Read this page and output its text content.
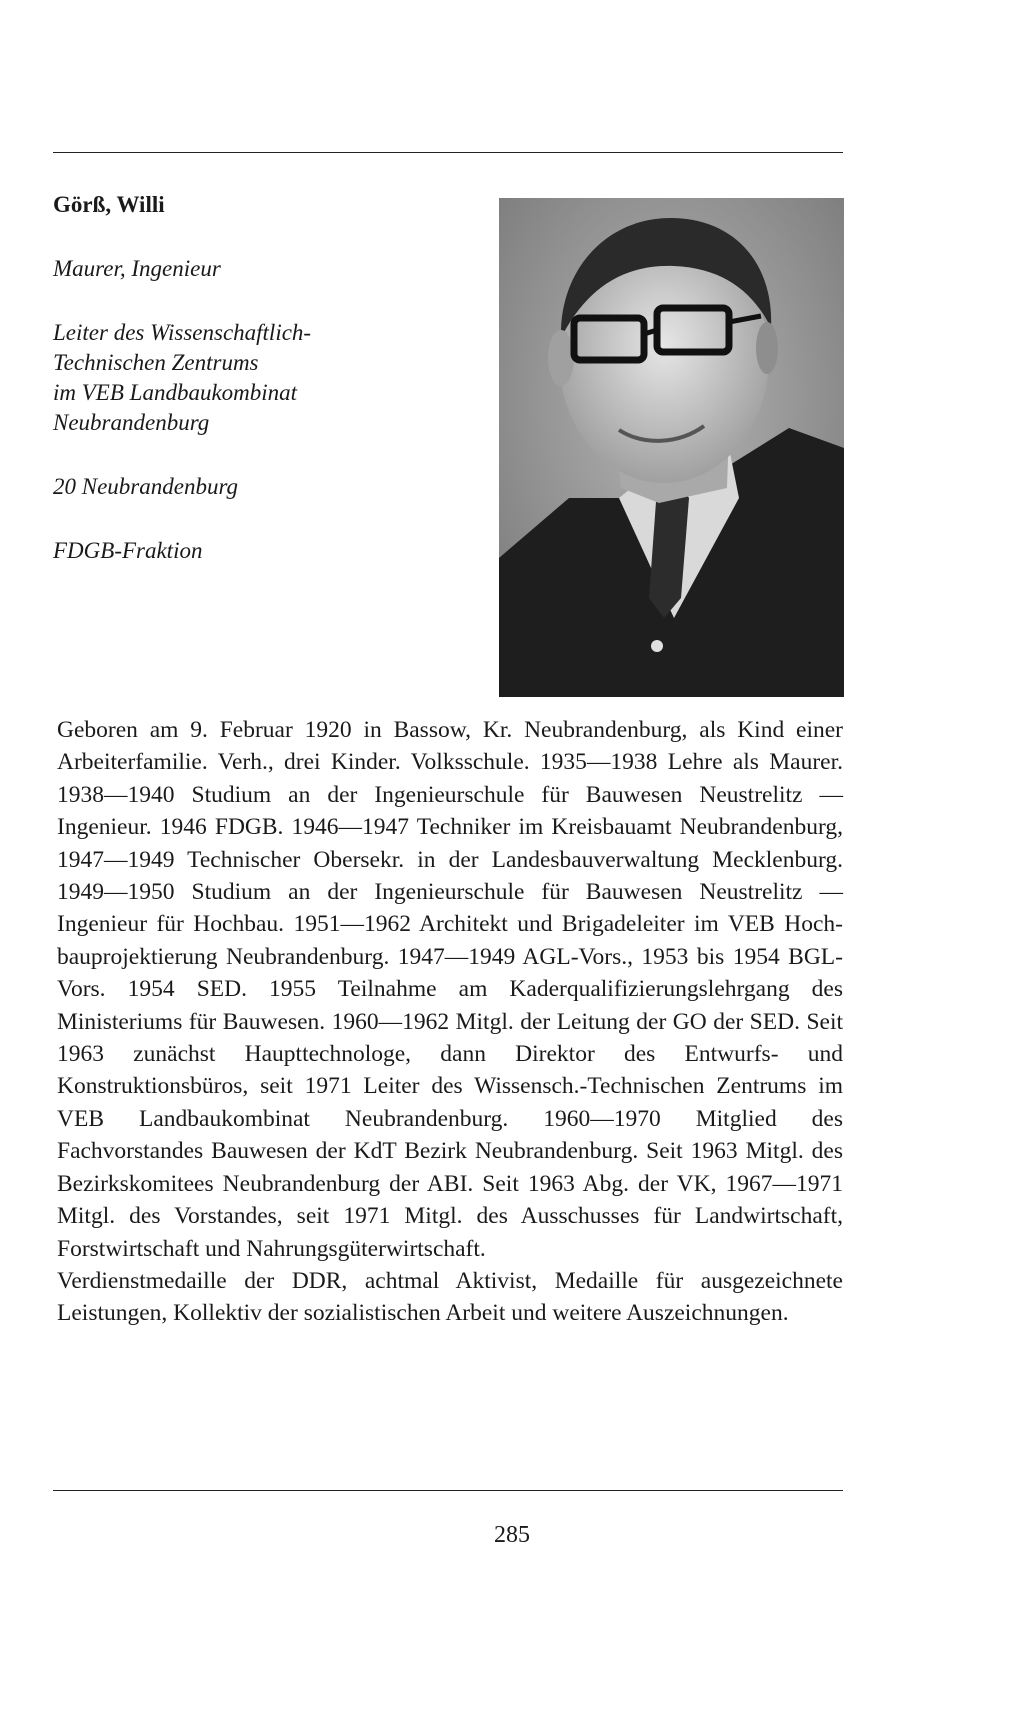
Görß, Willi

Maurer, Ingenieur

Leiter des Wissenschaftlich-

Technischen Zentrums

im VEB Landbaukombinat

Neubrandenburg

20 Neubrandenburg

FDGB-Fraktion

Geboren am 9. Februar 1920 in Bassow, Kr. Neubrandenburg, als Kind einer Arbeiterfamilie. Verh., drei Kinder. Volksschule. 1935—1938 Lehre als Maurer. 1938—1940 Studium an der Ingenieurschule für Bauwesen Neustrelitz — Ingenieur. 1946 FDGB. 1946—1947 Techniker im Kreisbauamt Neubrandenburg, 1947—1949 Technischer Obersekr. in der Landesbauverwaltung Mecklenburg. 1949—1950 Studium an der Ingenieurschule für Bauwesen Neustrelitz — Ingenieur für Hochbau. 1951—1962 Architekt und Brigadeleiter im VEB Hochbauprojektierung Neubrandenburg. 1947—1949 AGL-Vors., 1953 bis 1954 BGL-Vors. 1954 SED. 1955 Teilnahme am Kaderqualifizierungslehrgang des Ministeriums für Bauwesen. 1960—1962 Mitgl. der Leitung der GO der SED. Seit 1963 zunächst Haupttechnologe, dann Direktor des Entwurfs- und Konstruktionsbüros, seit 1971 Leiter des Wissensch.-Technischen Zentrums im VEB Landbaukombinat Neubrandenburg. 1960—1970 Mitglied des Fachvorstandes Bauwesen der KdT Bezirk Neubrandenburg. Seit 1963 Mitgl. des Bezirkskomitees Neubrandenburg der ABI. Seit 1963 Abg. der VK, 1967—1971 Mitgl. des Vorstandes, seit 1971 Mitgl. des Ausschusses für Landwirtschaft, Forstwirtschaft und Nahrungsgüterwirtschaft.

Verdienstmedaille der DDR, achtmal Aktivist, Medaille für ausgezeichnete Leistungen, Kollektiv der sozialistischen Arbeit und weitere Auszeichnungen.

285
